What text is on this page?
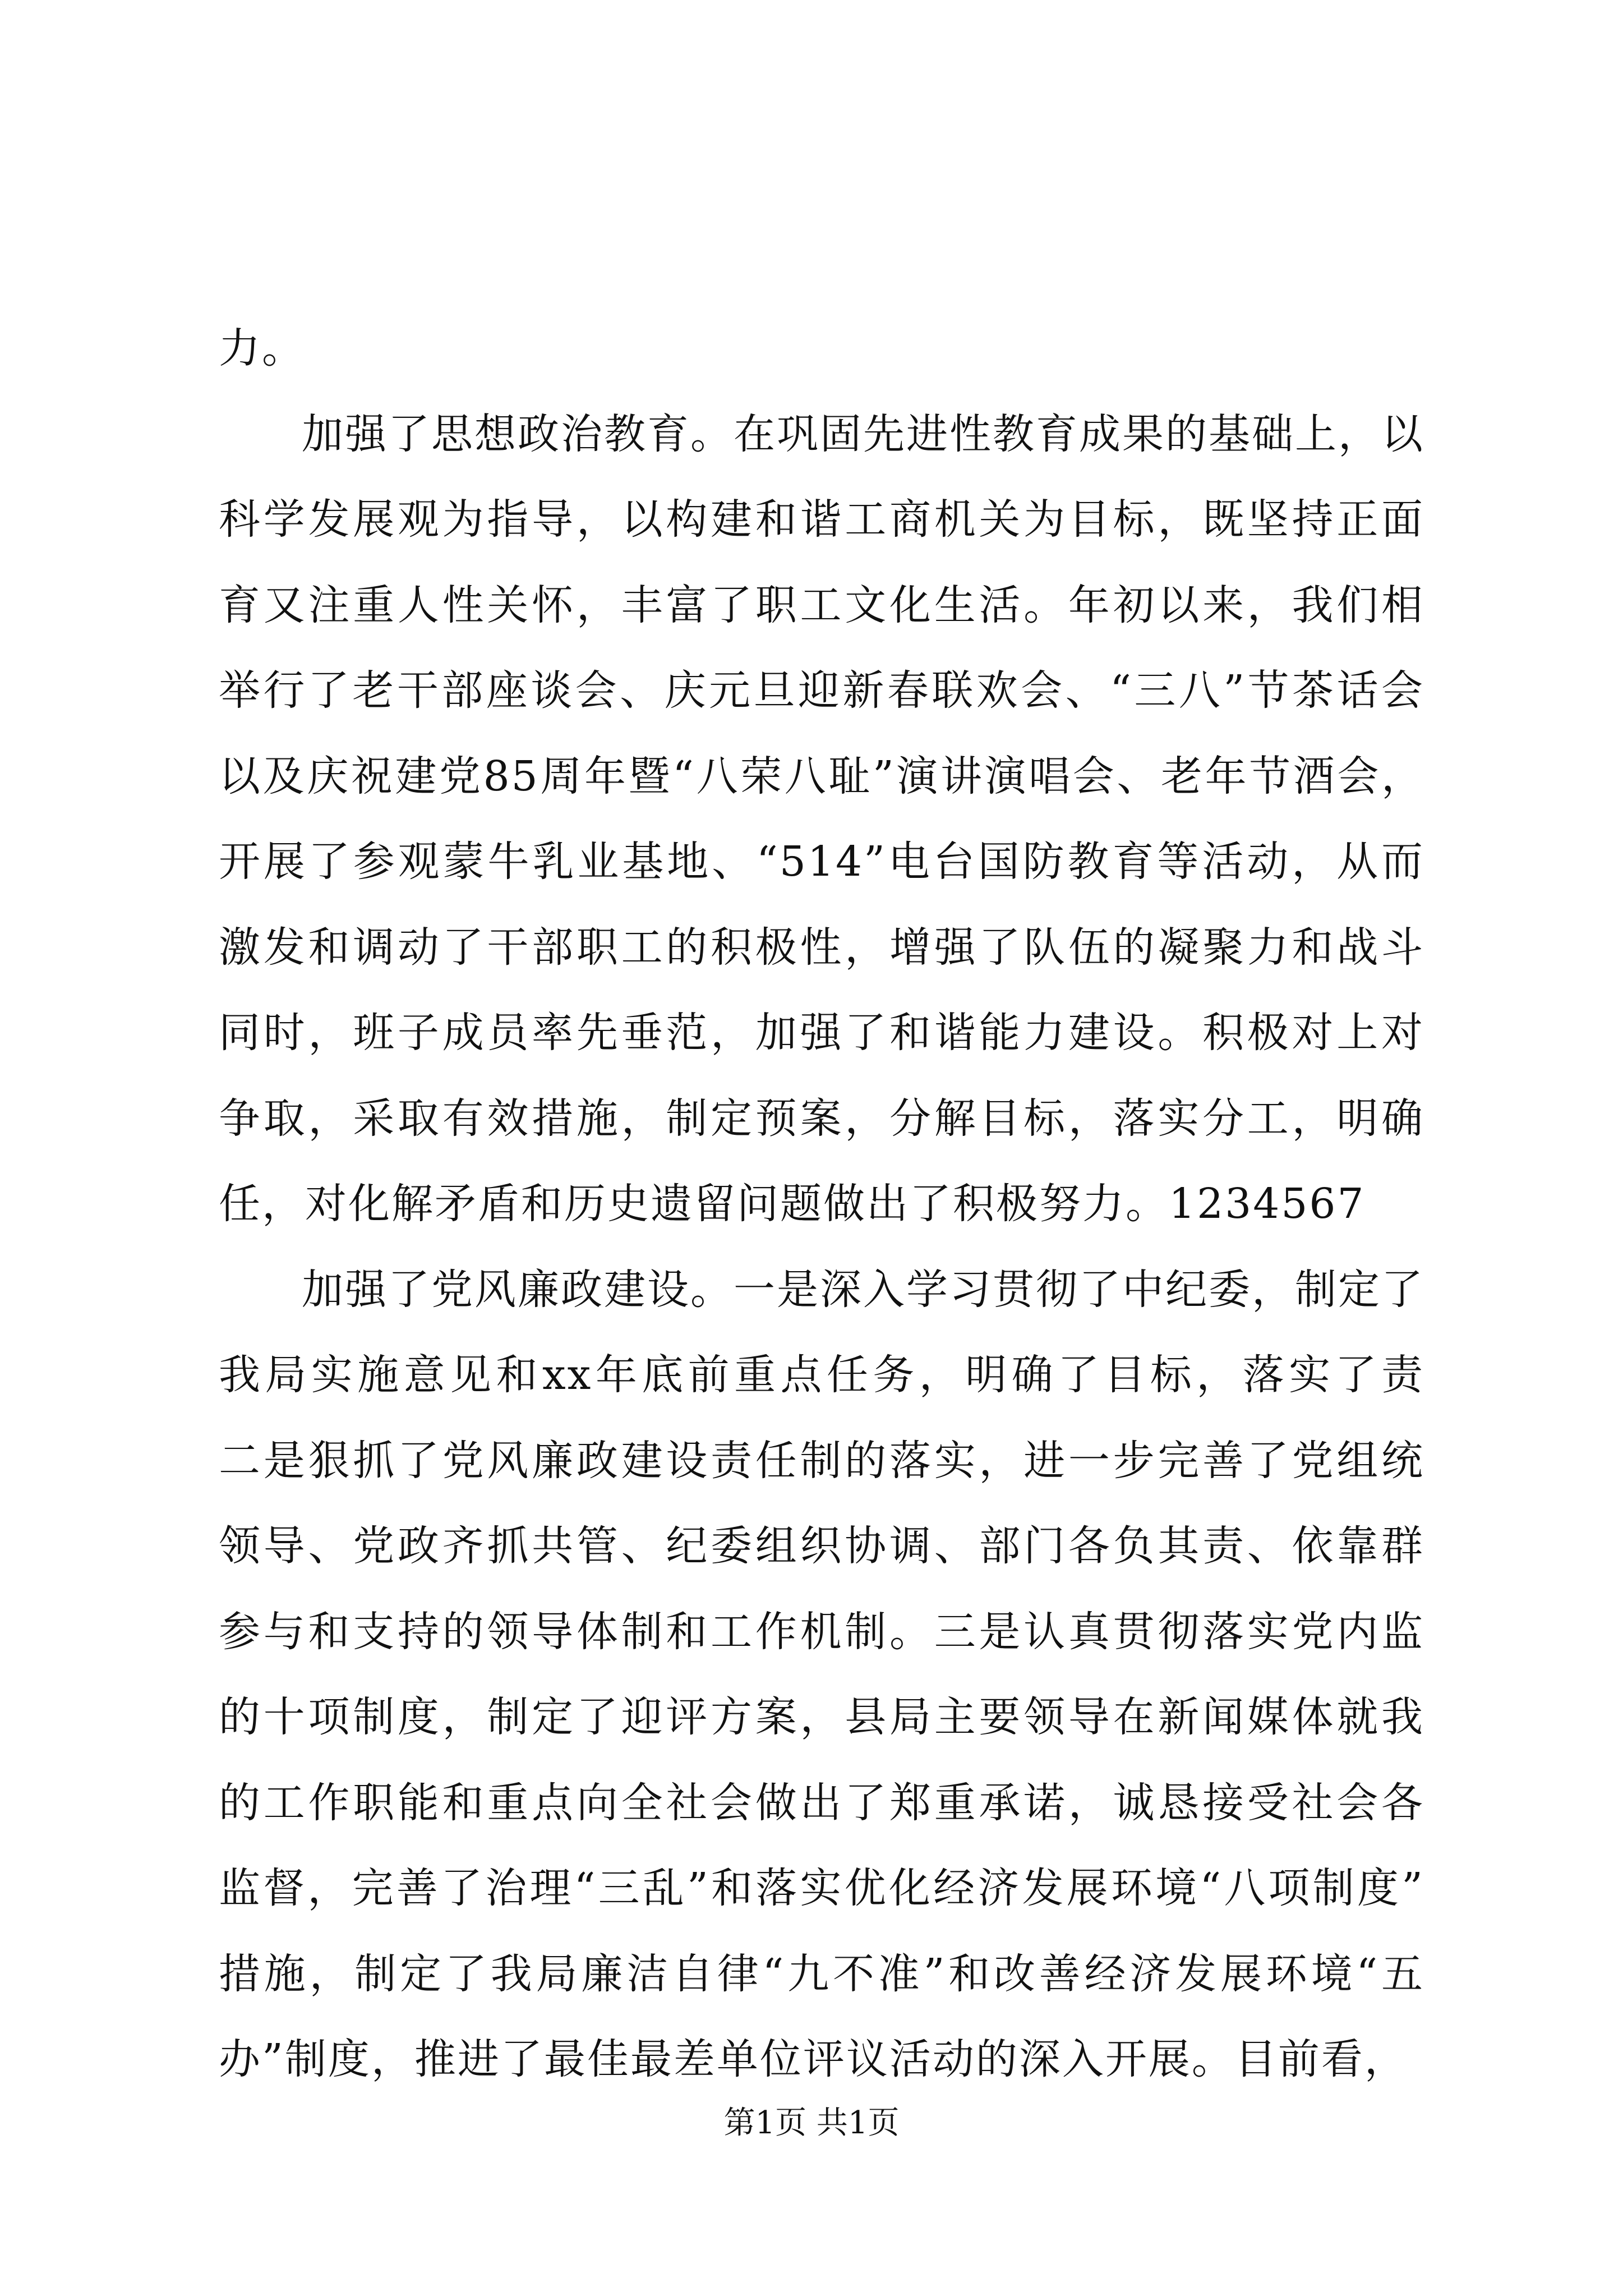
力。
加强了思想政治教育。在巩固先进性教育成果的基础上，以
科学发展观为指导，以构建和谐工商机关为目标，既坚持正面
育又注重人性关怀，丰富了职工文化生活。年初以来，我们相
举行了老干部座谈会、庆元旦迎新春联欢会、“三八”节茶话会
以及庆祝建党85周年暨“八荣八耻”演讲演唱会、老年节酒会，
开展了参观蒙牛乳业基地、“514”电台国防教育等活动，从而
激发和调动了干部职工的积极性，增强了队伍的凝聚力和战斗
同时，班子成员率先垂范，加强了和谐能力建设。积极对上对
争取，采取有效措施，制定预案，分解目标，落实分工，明确
任，对化解矛盾和历史遗留问题做出了积极努力。1234567
加强了党风廉政建设。一是深入学习贯彻了中纪委，制定了
我局实施意见和xx年底前重点任务，明确了目标，落实了责
二是狠抓了党风廉政建设责任制的落实，进一步完善了党组统
领导、党政齐抓共管、纪委组织协调、部门各负其责、依靠群
参与和支持的领导体制和工作机制。三是认真贯彻落实党内监
的十项制度，制定了迎评方案，县局主要领导在新闻媒体就我
的工作职能和重点向全社会做出了郑重承诺，诚恳接受社会各
监督，完善了治理“三乱”和落实优化经济发展环境“八项制度”
措施，制定了我局廉洁自律“九不准”和改善经济发展环境“五
办”制度，推进了最佳最差单位评议活动的深入开展。目前看，
第1页 共1页
